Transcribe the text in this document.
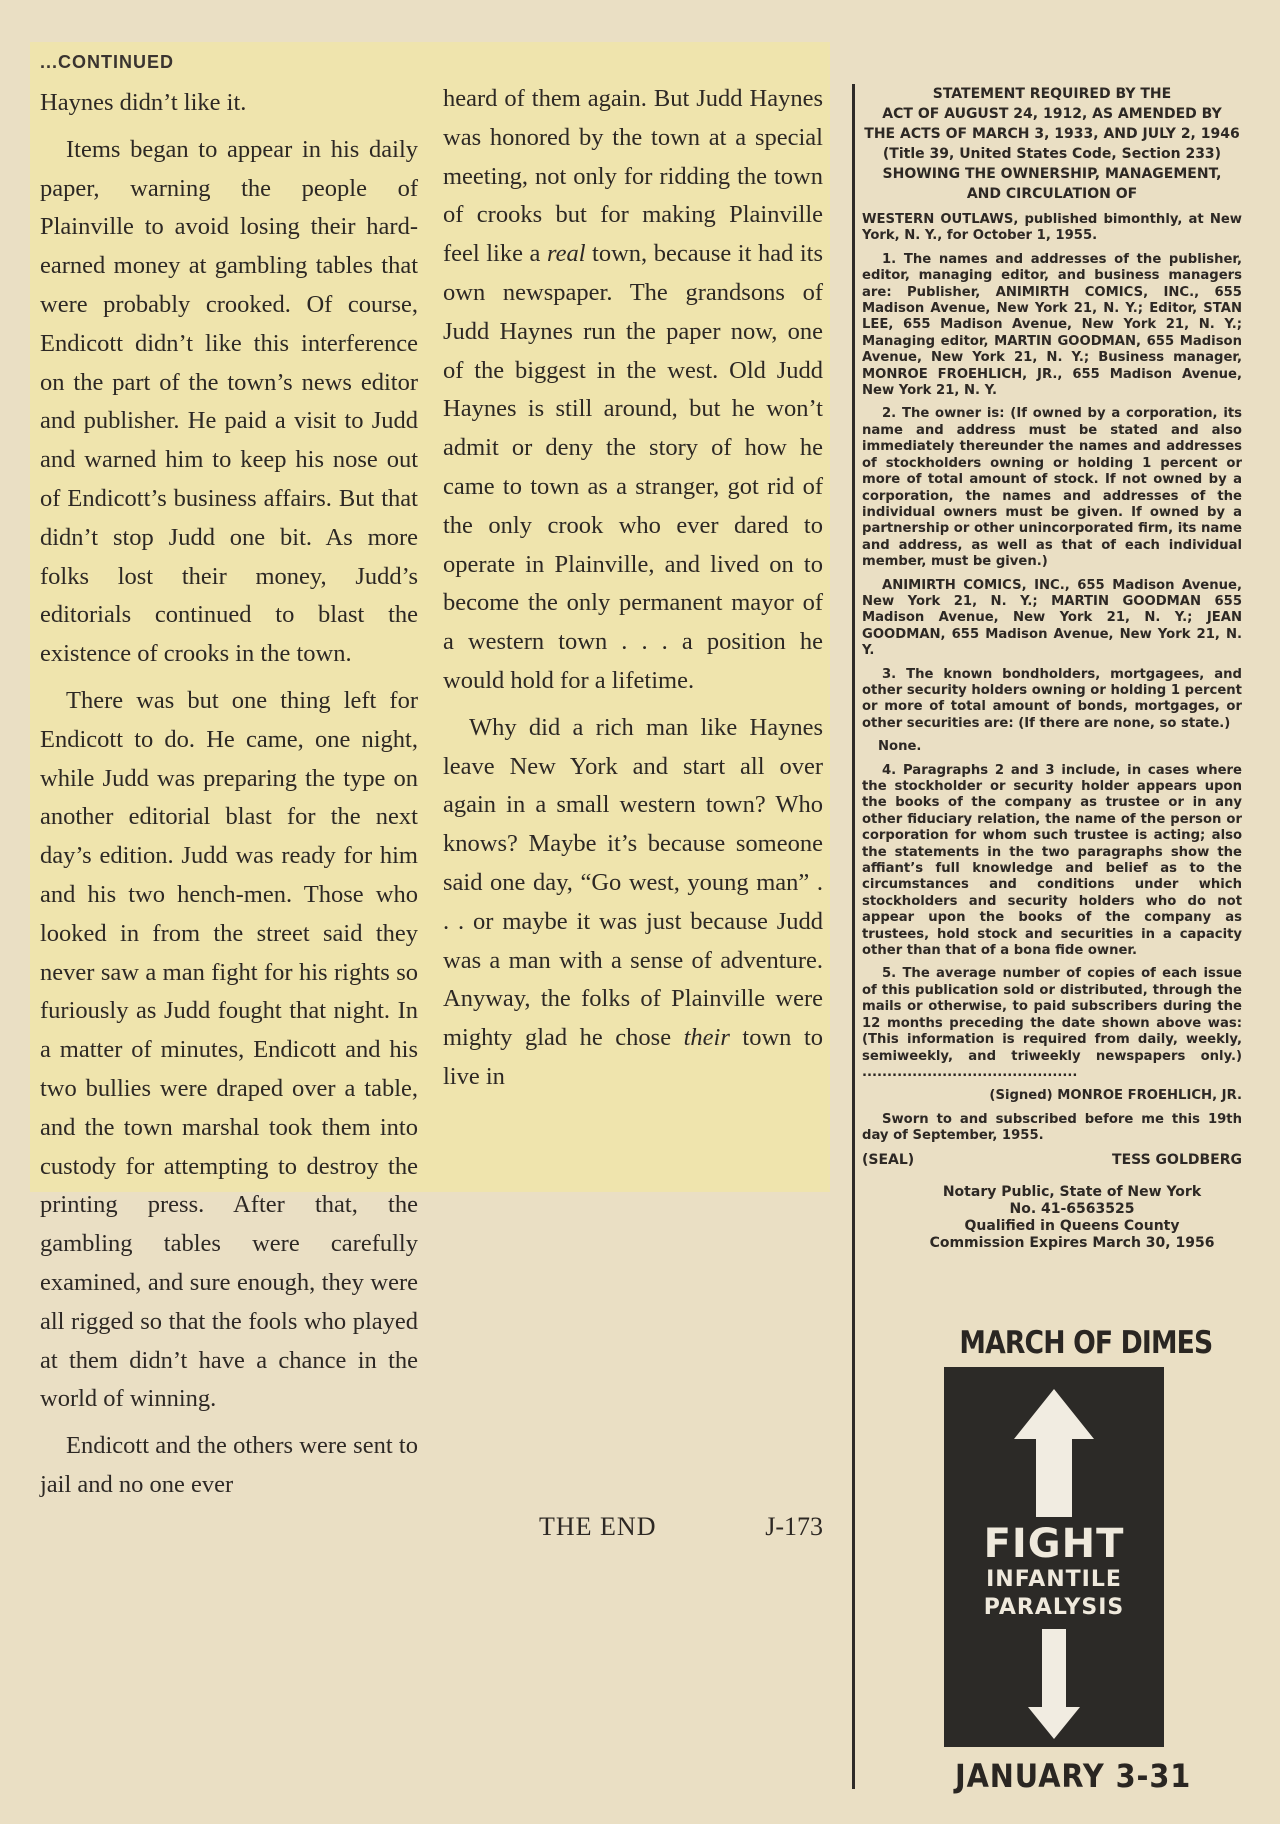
...CONTINUED

Haynes didn’t like it.

Items began to appear in his daily paper, warning the people of Plainville to avoid losing their hard-earned money at gambling tables that were probably crooked. Of course, Endicott didn’t like this interference on the part of the town’s news editor and publisher. He paid a visit to Judd and warned him to keep his nose out of Endicott’s business affairs. But that didn’t stop Judd one bit. As more folks lost their money, Judd’s editorials continued to blast the existence of crooks in the town.

There was but one thing left for Endicott to do. He came, one night, while Judd was preparing the type on another editorial blast for the next day’s edition. Judd was ready for him and his two hench-men. Those who looked in from the street said they never saw a man fight for his rights so furiously as Judd fought that night. In a matter of minutes, Endicott and his two bullies were draped over a table, and the town marshal took them into custody for attempting to destroy the printing press. After that, the gambling tables were carefully examined, and sure enough, they were all rigged so that the fools who played at them didn’t have a chance in the world of winning.

Endicott and the others were sent to jail and no one ever

heard of them again. But Judd Haynes was honored by the town at a special meeting, not only for ridding the town of crooks but for making Plainville feel like a real town, because it had its own newspaper. The grandsons of Judd Haynes run the paper now, one of the biggest in the west. Old Judd Haynes is still around, but he won’t admit or deny the story of how he came to town as a stranger, got rid of the only crook who ever dared to operate in Plainville, and lived on to become the only permanent mayor of a western town . . . a position he would hold for a lifetime.

Why did a rich man like Haynes leave New York and start all over again in a small western town? Who knows? Maybe it’s because someone said one day, “Go west, young man” . . . or maybe it was just because Judd was a man with a sense of adventure. Anyway, the folks of Plainville were mighty glad he chose their town to live in

THE END	J-173
STATEMENT REQUIRED BY THE
ACT OF AUGUST 24, 1912, AS AMENDED BY
THE ACTS OF MARCH 3, 1933, AND JULY 2, 1946
(Title 39, United States Code, Section 233)
SHOWING THE OWNERSHIP, MANAGEMENT,
AND CIRCULATION OF

WESTERN OUTLAWS, published bimonthly, at New York, N. Y., for October 1, 1955.

1. The names and addresses of the publisher, editor, managing editor, and business managers are: Publisher, ANIMIRTH COMICS, INC., 655 Madison Avenue, New York 21, N. Y.; Editor, STAN LEE, 655 Madison Avenue, New York 21, N. Y.; Managing editor, MARTIN GOODMAN, 655 Madison Avenue, New York 21, N. Y.; Business manager, MONROE FROEHLICH, JR., 655 Madison Avenue, New York 21, N. Y.

2. The owner is: (If owned by a corporation, its name and address must be stated and also immediately thereunder the names and addresses of stockholders owning or holding 1 percent or more of total amount of stock. If not owned by a corporation, the names and addresses of the individual owners must be given. If owned by a partnership or other unincorporated firm, its name and address, as well as that of each individual member, must be given.)

ANIMIRTH COMICS, INC., 655 Madison Avenue, New York 21, N. Y.; MARTIN GOODMAN 655 Madison Avenue, New York 21, N. Y.; JEAN GOODMAN, 655 Madison Avenue, New York 21, N. Y.

3. The known bondholders, mortgagees, and other security holders owning or holding 1 percent or more of total amount of bonds, mortgages, or other securities are: (If there are none, so state.)

None.

4. Paragraphs 2 and 3 include, in cases where the stockholder or security holder appears upon the books of the company as trustee or in any other fiduciary relation, the name of the person or corporation for whom such trustee is acting; also the statements in the two paragraphs show the affiant’s full knowledge and belief as to the circumstances and conditions under which stockholders and security holders who do not appear upon the books of the company as trustees, hold stock and securities in a capacity other than that of a bona fide owner.

5. The average number of copies of each issue of this publication sold or distributed, through the mails or otherwise, to paid subscribers during the 12 months preceding the date shown above was: (This information is required from daily, weekly, semiweekly, and triweekly newspapers only.) ...........................................

(Signed) MONROE FROEHLICH, JR.

Sworn to and subscribed before me this 19th day of September, 1955.

(SEAL)	TESS GOLDBERG
Notary Public, State of New York
No. 41-6563525
Qualified in Queens County
Commission Expires March 30, 1956
MARCH OF DIMES
FIGHT
INFANTILE
PARALYSIS
JANUARY 3-31
